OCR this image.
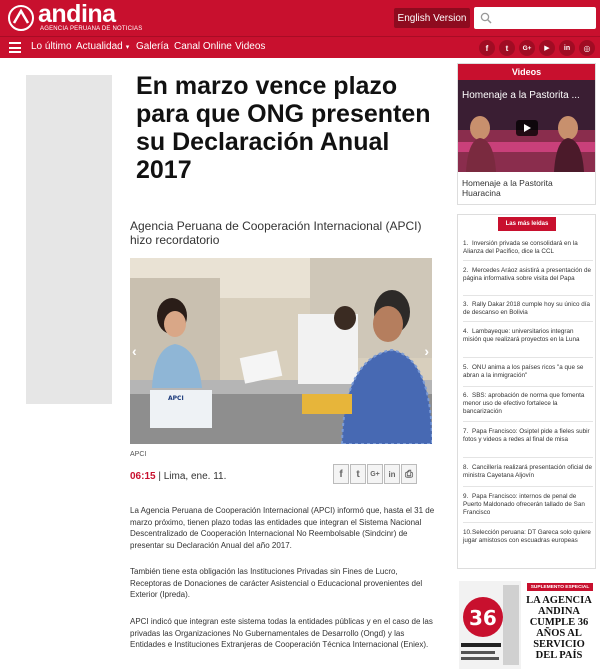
andina
AGENCIA PERUANA DE NOTICIAS
English Version
Lo último Actualidad ▾ Galería Canal Online Videos	f	t	G+	▶	in	◎
En marzo vence plazo para que ONG presenten su Declaración Anual 2017
Agencia Peruana de Cooperación Internacional (APCI) hizo recordatorio
APCI
‹	›
APCI
06:15 | Lima, ene. 11.	f	t	G+	in ⎙

La Agencia Peruana de Cooperación Internacional (APCI) informó que, hasta el 31 de marzo próximo, tienen plazo todas las entidades que integran el Sistema Nacional Descentralizado de Cooperación Internacional No Reembolsable (Sindcinr) de presentar su Declaración Anual del año 2017.

También tiene esta obligación las Instituciones Privadas sin Fines de Lucro, Receptoras de Donaciones de carácter Asistencial o Educacional provenientes del Exterior (Ipreda).

APCI indicó que integran este sistema todas la entidades públicas y en el caso de las privadas las Organizaciones No Gubernamentales de Desarrollo (Ongd) y las Entidades e Instituciones Extranjeras de Cooperación Técnica Internacional (Eniex).

Videos
Homenaje a la Pastorita ...
Homenaje a la Pastorita Huaracina
Las más leídas
1. Inversión privada se consolidará en la Alianza del Pacífico, dice la CCL
2. Mercedes Aráoz asistirá a presentación de página informativa sobre visita del Papa
3. Rally Dakar 2018 cumple hoy su único día de descanso en Bolivia
4. Lambayeque: universitarios integran misión que realizará proyectos en la Luna
5. ONU anima a los países ricos "a que se abran a la inmigración"
6. SBS: aprobación de norma que fomenta menor uso de efectivo fortalece la bancarización
7. Papa Francisco: Osiptel pide a fieles subir fotos y videos a redes al final de misa
8. Cancillería realizará presentación oficial de ministra Cayetana Aljovín
9. Papa Francisco: internos de penal de Puerto Maldonado ofrecerán tallado de San Francisco
10.Selección peruana: DT Gareca solo quiere jugar amistosos con escuadras europeas
36
SUPLEMENTO ESPECIAL
LA AGENCIA ANDINA CUMPLE 36 AÑOS AL SERVICIO DEL PAÍS
